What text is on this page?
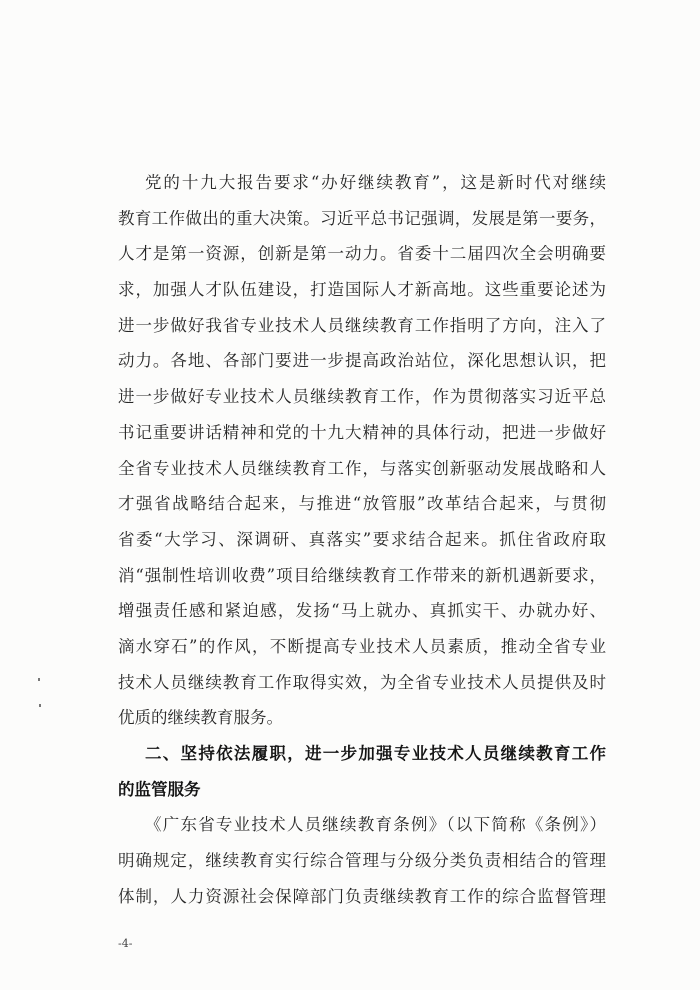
党的十九大报告要求“办好继续教育”，这是新时代对继续
教育工作做出的重大决策。习近平总书记强调，发展是第一要务，
人才是第一资源，创新是第一动力。省委十二届四次全会明确要
求，加强人才队伍建设，打造国际人才新高地。这些重要论述为
进一步做好我省专业技术人员继续教育工作指明了方向，注入了
动力。各地、各部门要进一步提高政治站位，深化思想认识，把
进一步做好专业技术人员继续教育工作，作为贯彻落实习近平总
书记重要讲话精神和党的十九大精神的具体行动，把进一步做好
全省专业技术人员继续教育工作，与落实创新驱动发展战略和人
才强省战略结合起来，与推进“放管服”改革结合起来，与贯彻
省委“大学习、深调研、真落实”要求结合起来。抓住省政府取
消“强制性培训收费”项目给继续教育工作带来的新机遇新要求，
增强责任感和紧迫感，发扬“马上就办、真抓实干、办就办好、
滴水穿石”的作风，不断提高专业技术人员素质，推动全省专业
技术人员继续教育工作取得实效，为全省专业技术人员提供及时
优质的继续教育服务。
二、坚持依法履职，进一步加强专业技术人员继续教育工作
的监管服务
《广东省专业技术人员继续教育条例》（以下简称《条例》）
明确规定，继续教育实行综合管理与分级分类负责相结合的管理
体制，人力资源社会保障部门负责继续教育工作的综合监督管理
-4-
